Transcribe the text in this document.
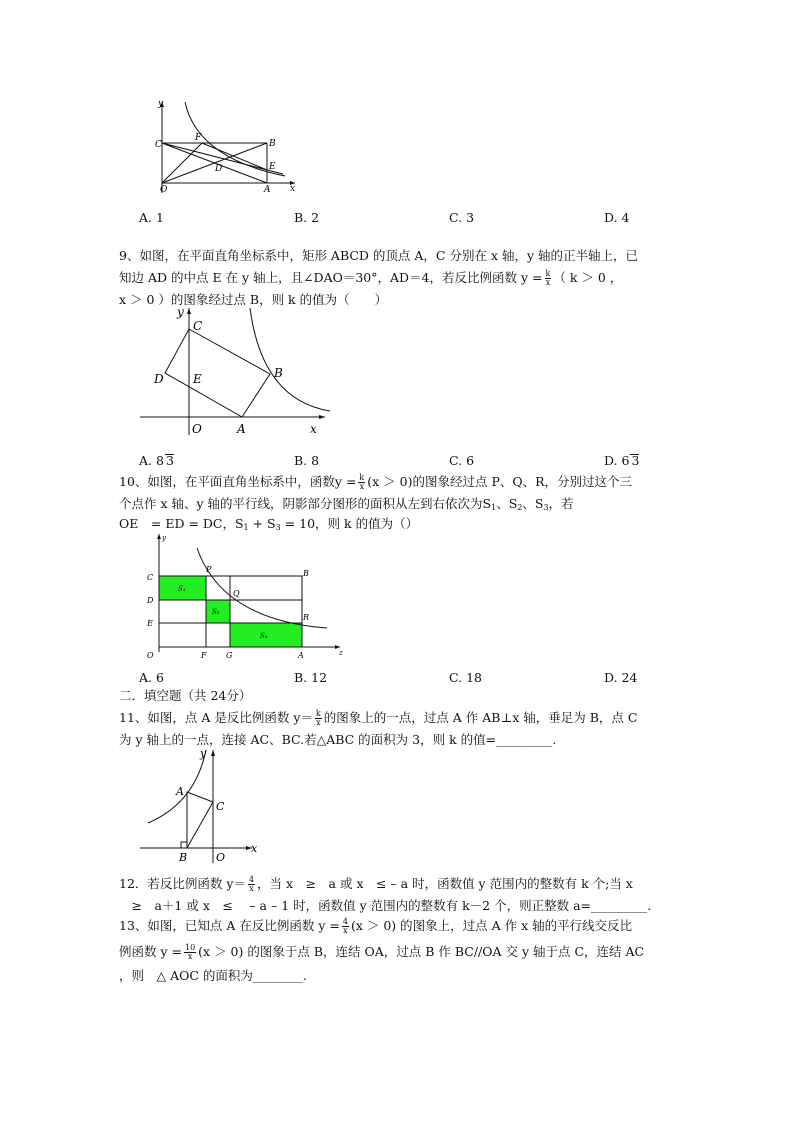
y
x
O
C
F
B
D	E
A
A. 1	B. 2	C. 3	D. 4
9、如图，在平面直角坐标系中，矩形 ABCD 的顶点 A，C 分别在 x 轴，y 轴的正半轴上，已
知边 AD 的中点 E 在 y 轴上，且∠DAO＝30°，AD＝4，若反比例函数 $y = \frac{k}{x}$ （ k ＞ 0 ，
x ＞ 0 ）的图象经过点 B，则 k 的值为（　　）
y
x
O
C
D E	B
A
A. 8 3	B. 8	C. 6	D. 6 3
10、如图，在平面直角坐标系中，函数$y = \frac{k}{x} (x > 0)$的图象经过点 P、Q、R，分别过这个三
个点作 x 轴、y 轴的平行线，阴影部分图形的面积从左到右依次为$S_1$、$S_2$、$S_3$，若
OE　= ED = DC，$S_1 + S_3 = 10$，则 k 的值为（）
y
z
O
C
D
E
P
Q
R
B
F G	A
S₁
S₂
S₃
A. 6	B. 12	C. 18	D. 24
二．填空题（共 24分）
11、如图，点 A 是反比例函数 $y= \frac{k}{x}$ 的图象上的一点，过点 A 作 AB⊥x 轴，垂足为 B，点 C
为 y 轴上的一点，连接 AC、BC.若△ABC 的面积为 3，则 k 的值=_________.
y
x
A
C
B	O
12．若反比例函数 $y= \frac{4}{x}$ ，当 x　≥　a 或 x　≤ – a 时，函数值 y 范围内的整数有 k 个;当 x
　≥　a＋1 或 x　≤　 – a – 1 时，函数值 y 范围内的整数有 k－2 个，则正整数 a=_________.
13、如图，已知点 A 在反比例函数 $y = \frac{4}{x} (x > 0)$ 的图象上，过点 A 作 x 轴的平行线交反比
例函数 $y = \frac{10}{x} (x > 0)$ 的图象于点 B，连结 OA，过点 B 作 BC//OA 交 y 轴于点 C，连结 AC
，则　△ AOC 的面积为________.
